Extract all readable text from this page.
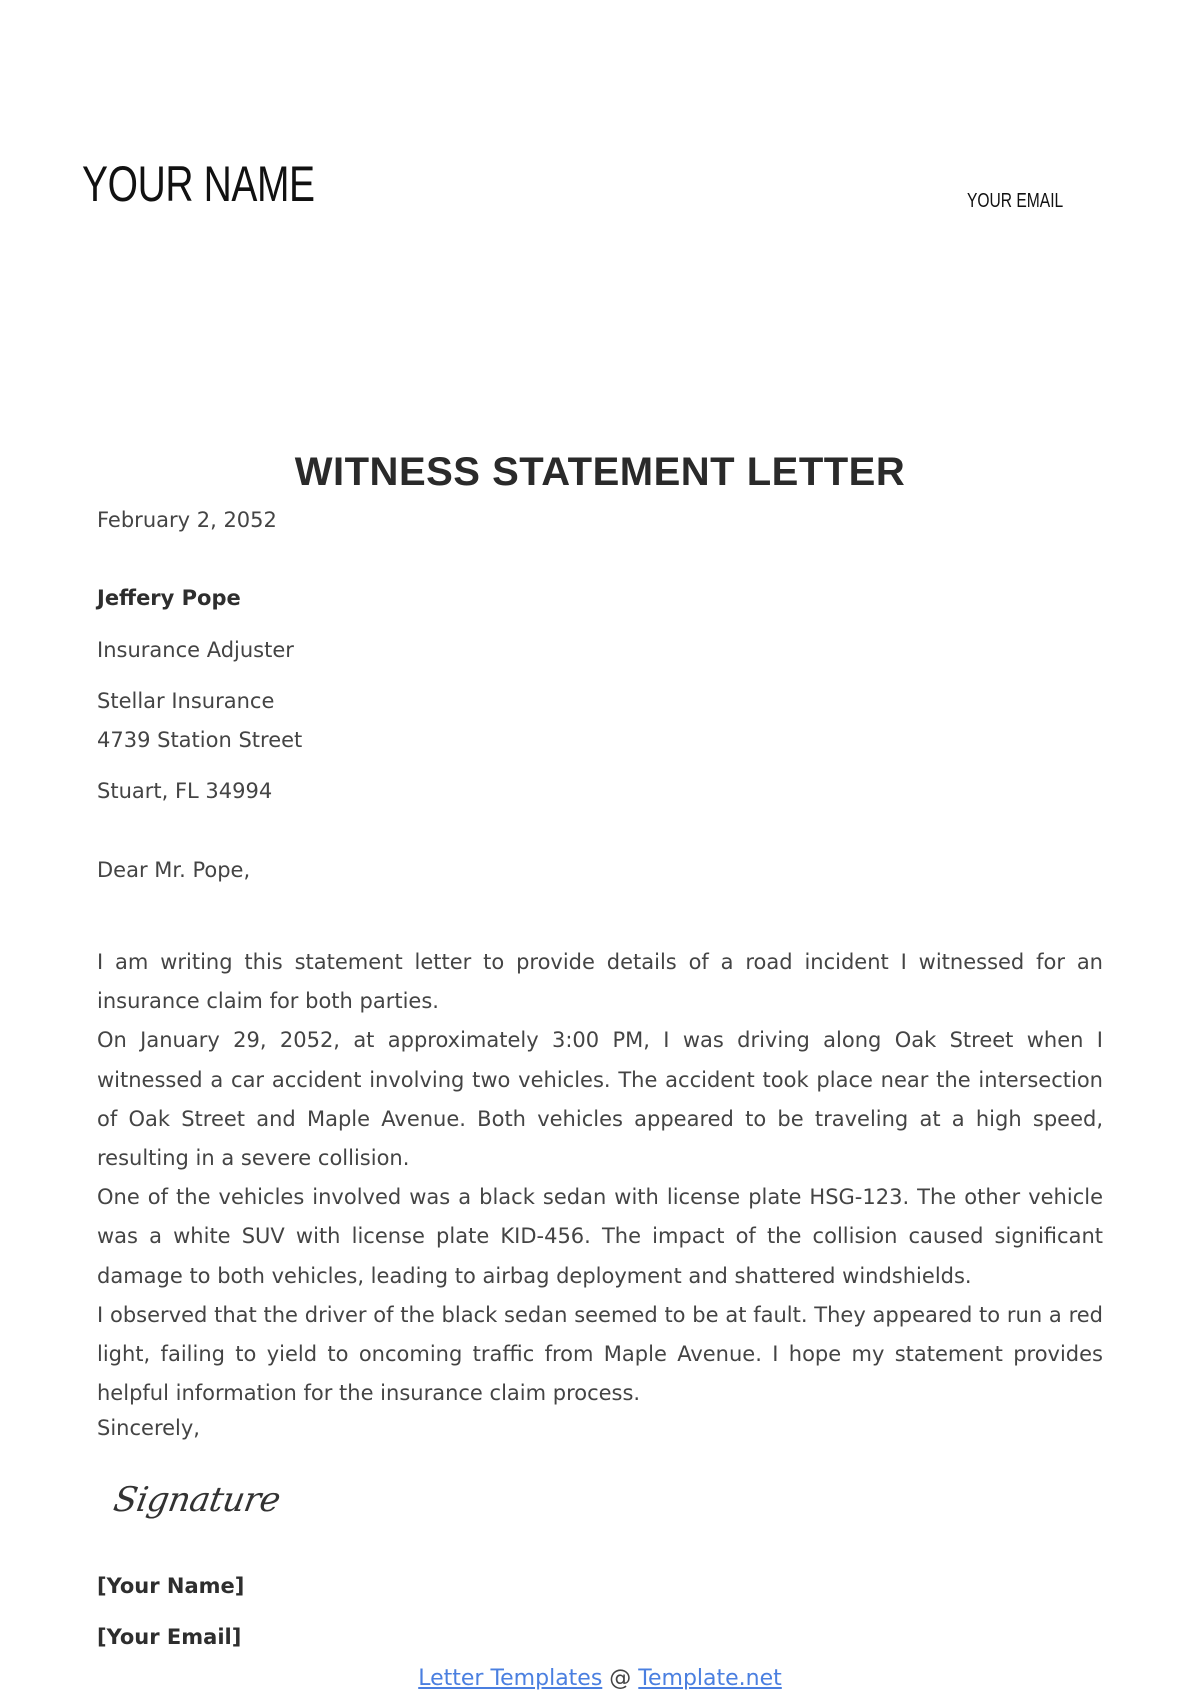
YOUR NAME	YOUR EMAIL
WITNESS STATEMENT LETTER
February 2, 2052
Jeffery Pope
Insurance Adjuster
Stellar Insurance
4739 Station Street
Stuart, FL 34994
Dear Mr. Pope,

I am writing this statement letter to provide details of a road incident I witnessed for an insurance claim for both parties.

On January 29, 2052, at approximately 3:00 PM, I was driving along Oak Street when I witnessed a car accident involving two vehicles. The accident took place near the intersection of Oak Street and Maple Avenue. Both vehicles appeared to be traveling at a high speed, resulting in a severe collision.

One of the vehicles involved was a black sedan with license plate HSG-123. The other vehicle was a white SUV with license plate KID-456. The impact of the collision caused significant damage to both vehicles, leading to airbag deployment and shattered windshields.

I observed that the driver of the black sedan seemed to be at fault. They appeared to run a red light, failing to yield to oncoming traffic from Maple Avenue. I hope my statement provides helpful information for the insurance claim process.

Sincerely,
Signature
[Your Name]
[Your Email]
Letter Templates @ Template.net
